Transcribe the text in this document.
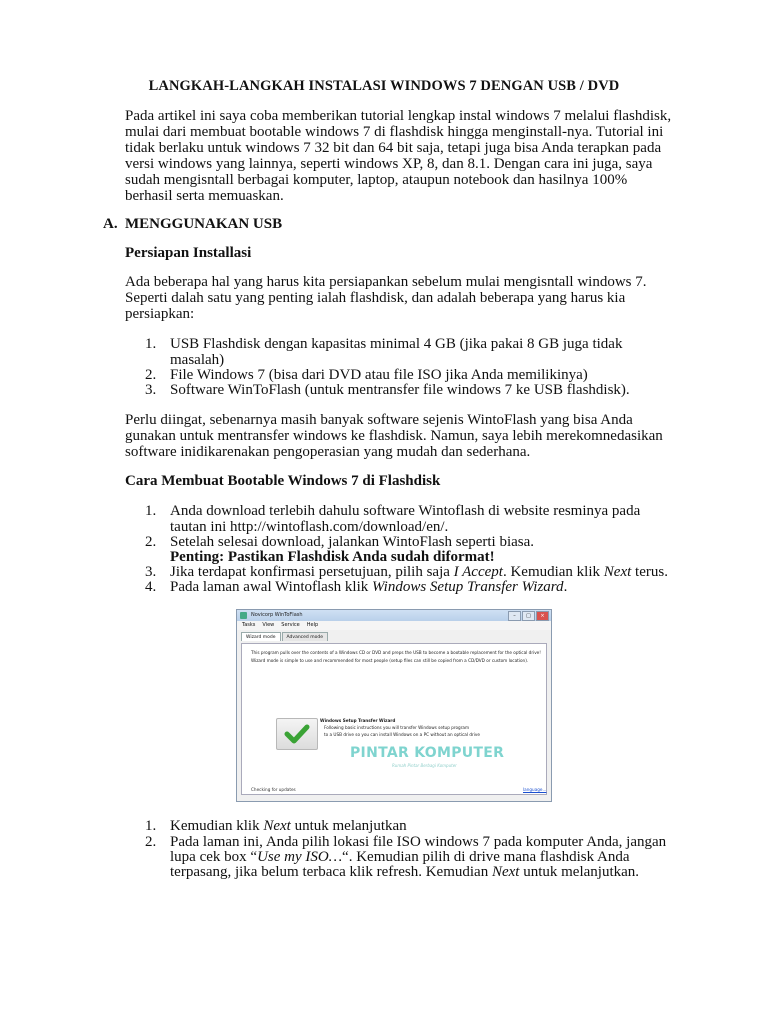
LANGKAH-LANGKAH INSTALASI WINDOWS 7 DENGAN USB / DVD
Pada artikel ini saya coba memberikan tutorial lengkap instal windows 7 melalui flashdisk,
mulai dari membuat bootable windows 7 di flashdisk hingga menginstall-nya. Tutorial ini
tidak berlaku untuk windows 7 32 bit dan 64 bit saja, tetapi juga bisa Anda terapkan pada
versi windows yang lainnya, seperti windows XP, 8, dan 8.1. Dengan cara ini juga, saya
sudah mengisntall berbagai komputer, laptop, ataupun notebook dan hasilnya 100%
berhasil serta memuaskan.
A. MENGGUNAKAN USB
Persiapan Installasi
Ada beberapa hal yang harus kita persiapankan sebelum mulai mengisntall windows 7.
Seperti dalah satu yang penting ialah flashdisk, dan adalah beberapa yang harus kia
persiapkan:
1. USB Flashdisk dengan kapasitas minimal 4 GB (jika pakai 8 GB juga tidak
masalah)
2. File Windows 7 (bisa dari DVD atau file ISO jika Anda memilikinya)
3. Software WinToFlash (untuk mentransfer file windows 7 ke USB flashdisk).
Perlu diingat, sebenarnya masih banyak software sejenis WintoFlash yang bisa Anda
gunakan untuk mentransfer windows ke flashdisk. Namun, saya lebih merekomnedasikan
software inidikarenakan pengoperasian yang mudah dan sederhana.
Cara Membuat Bootable Windows 7 di Flashdisk
1. Anda download terlebih dahulu software Wintoflash di website resminya pada
tautan ini http://wintoflash.com/download/en/.
2. Setelah selesai download, jalankan WintoFlash seperti biasa.
Penting: Pastikan Flashdisk Anda sudah diformat!
3. Jika terdapat konfirmasi persetujuan, pilih saja I Accept. Kemudian klik Next terus.
4. Pada laman awal Wintoflash klik Windows Setup Transfer Wizard.
Novicorp WinToFlash	–	□	×
Tasks View Service Help
Wizard mode	Advanced mode
This program pulls over the contents of a Windows CD or DVD and preps the USB to become a bootable replacement for the optical drive!
Wizard mode is simple to use and recommended for most people (setup files can still be copied from a CD/DVD or custom location).
Windows Setup Transfer Wizard
Following basic instructions you will transfer Windows setup program
to a USB drive so you can install Windows on a PC without an optical drive
PINTAR KOMPUTER
Rumah Pintar Berbagi Komputer
Checking for updates	language...
1. Kemudian klik Next untuk melanjutkan
2. Pada laman ini, Anda pilih lokasi file ISO windows 7 pada komputer Anda, jangan
lupa cek box “Use my ISO…“. Kemudian pilih di drive mana flashdisk Anda
terpasang, jika belum terbaca klik refresh. Kemudian Next untuk melanjutkan.
